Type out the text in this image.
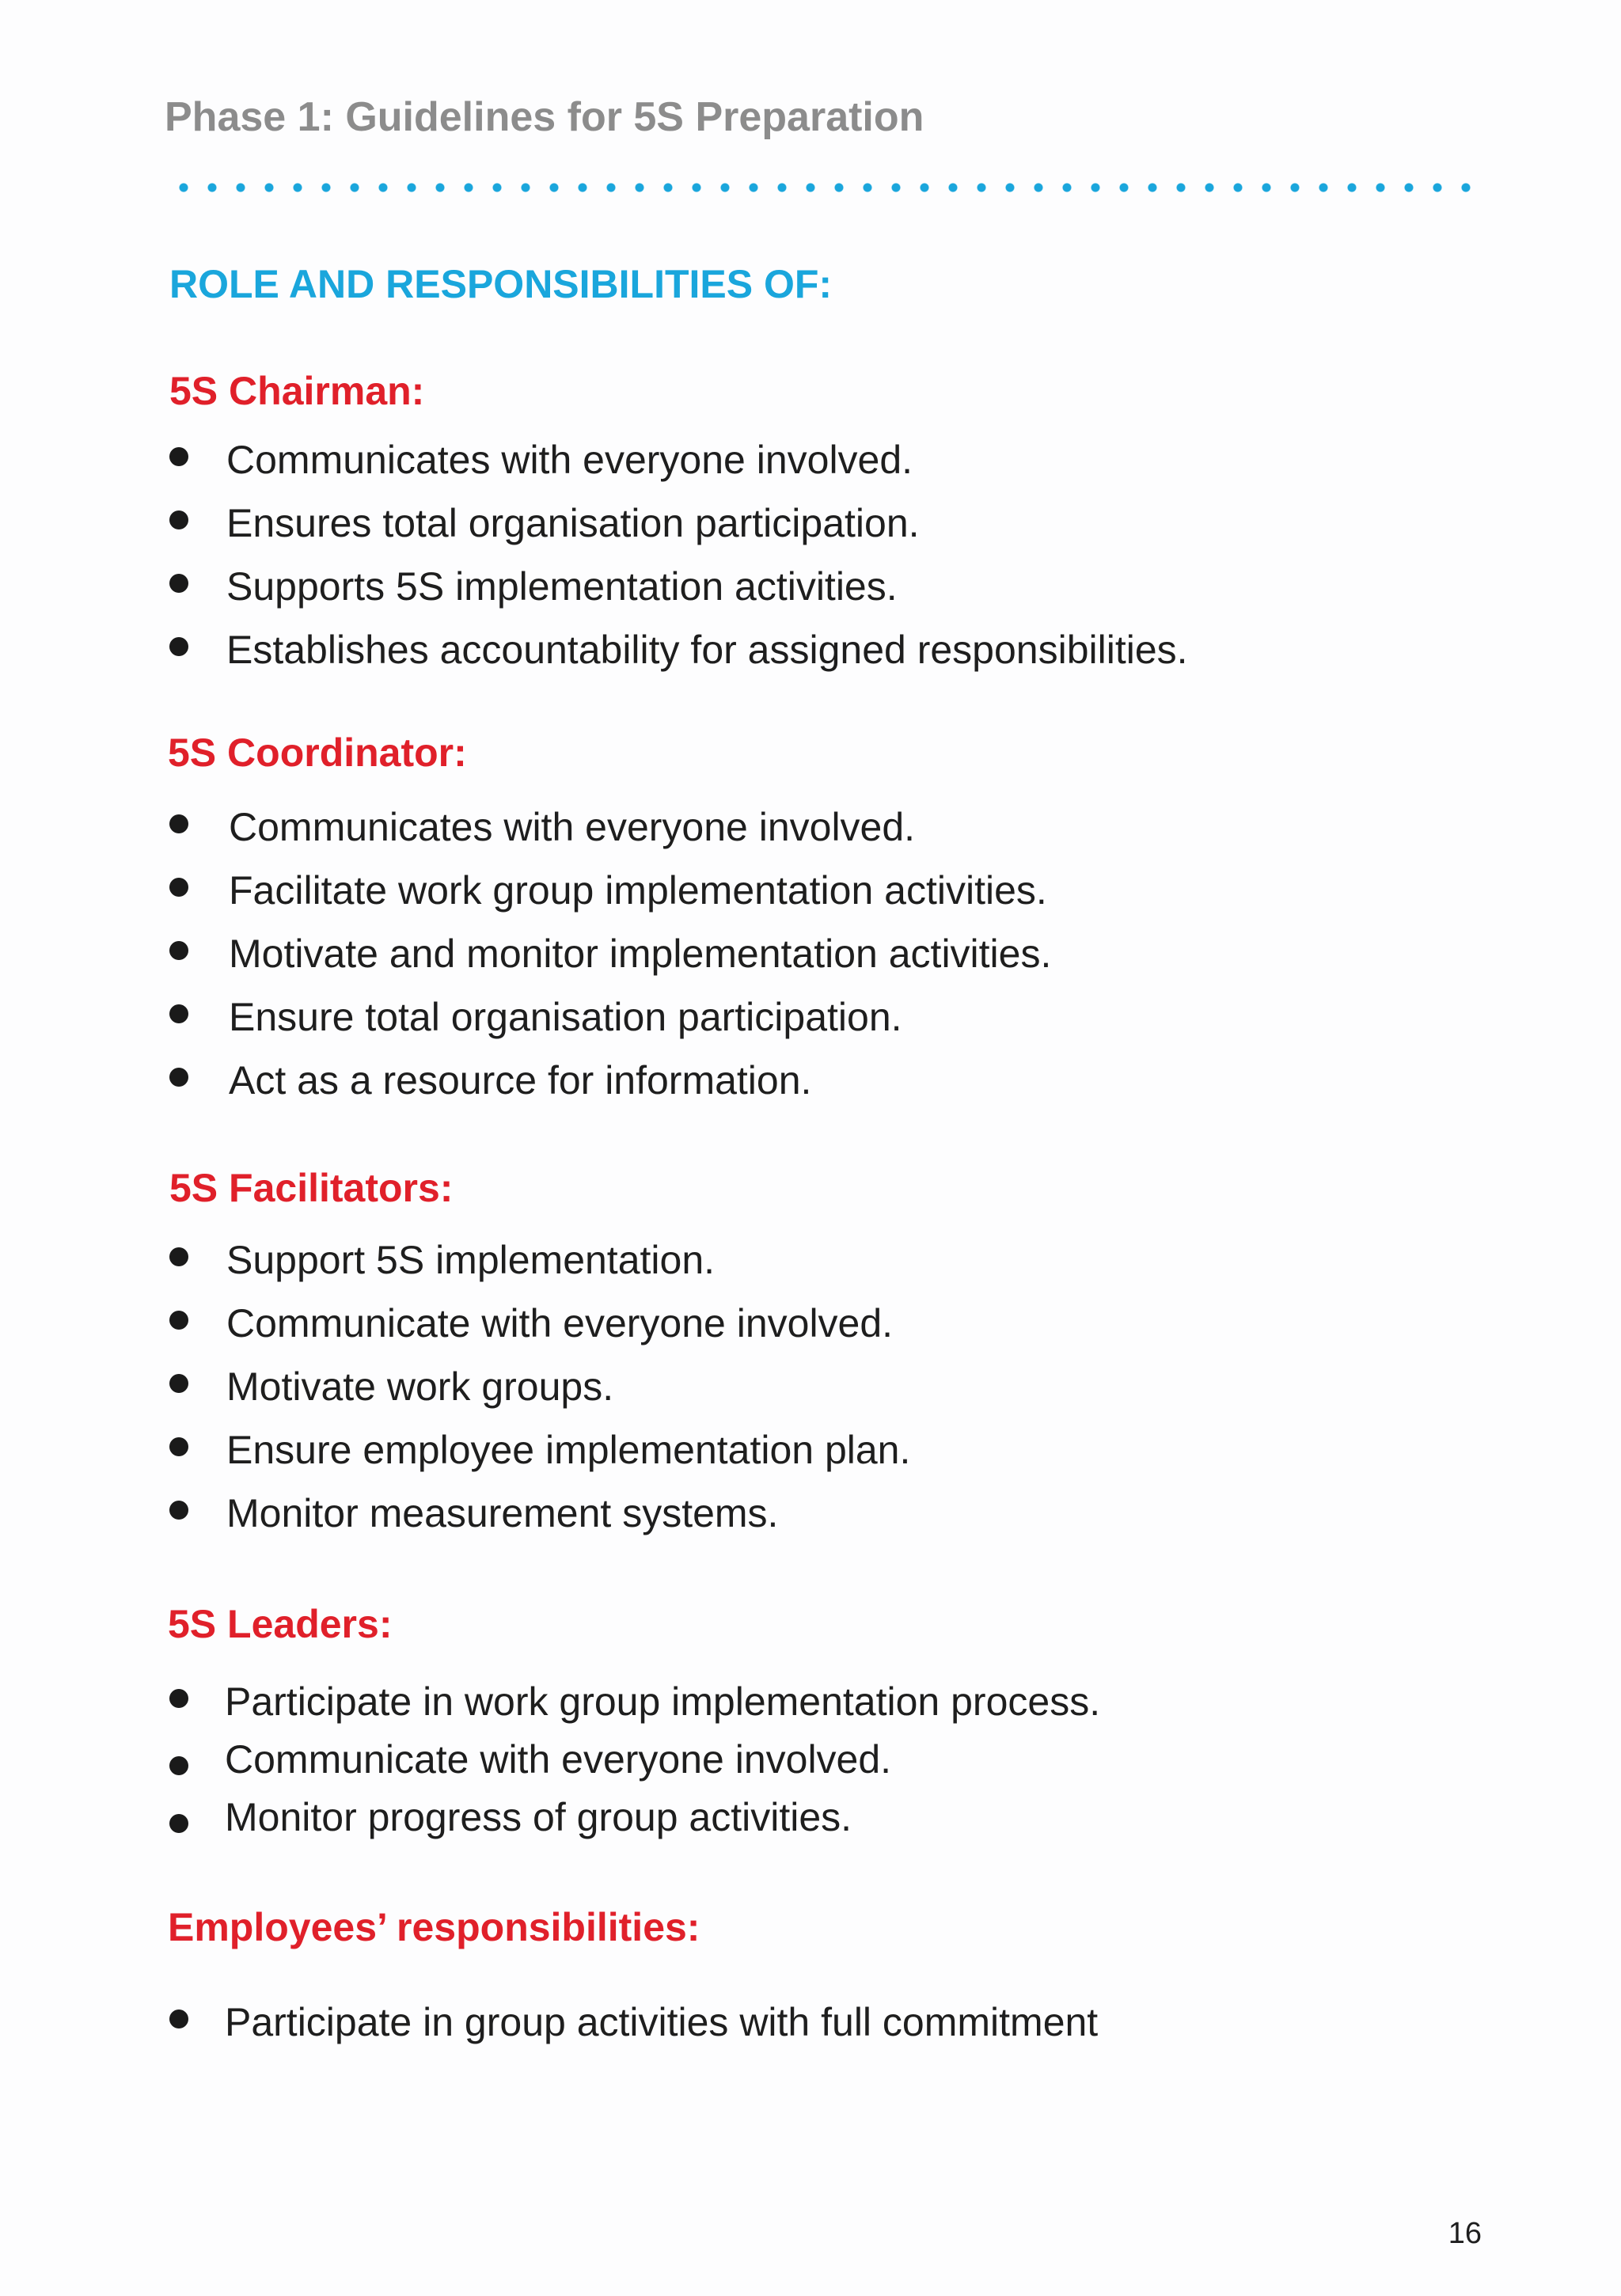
Phase 1: Guidelines for 5S Preparation
ROLE AND RESPONSIBILITIES OF:
5S Chairman:
Communicates with everyone involved.
Ensures total organisation participation.
Supports 5S implementation activities.
Establishes accountability for assigned responsibilities.
5S Coordinator:
Communicates with everyone involved.
Facilitate work group implementation activities.
Motivate and monitor implementation activities.
Ensure total organisation participation.
Act as a resource for information.
5S Facilitators:
Support 5S implementation.
Communicate with everyone involved.
Motivate work groups.
Ensure employee implementation plan.
Monitor measurement systems.
5S Leaders:
Participate in work group implementation process.
Communicate with everyone involved.
Monitor progress of group activities.
Employees’ responsibilities:
Participate in group activities with full commitment
16
